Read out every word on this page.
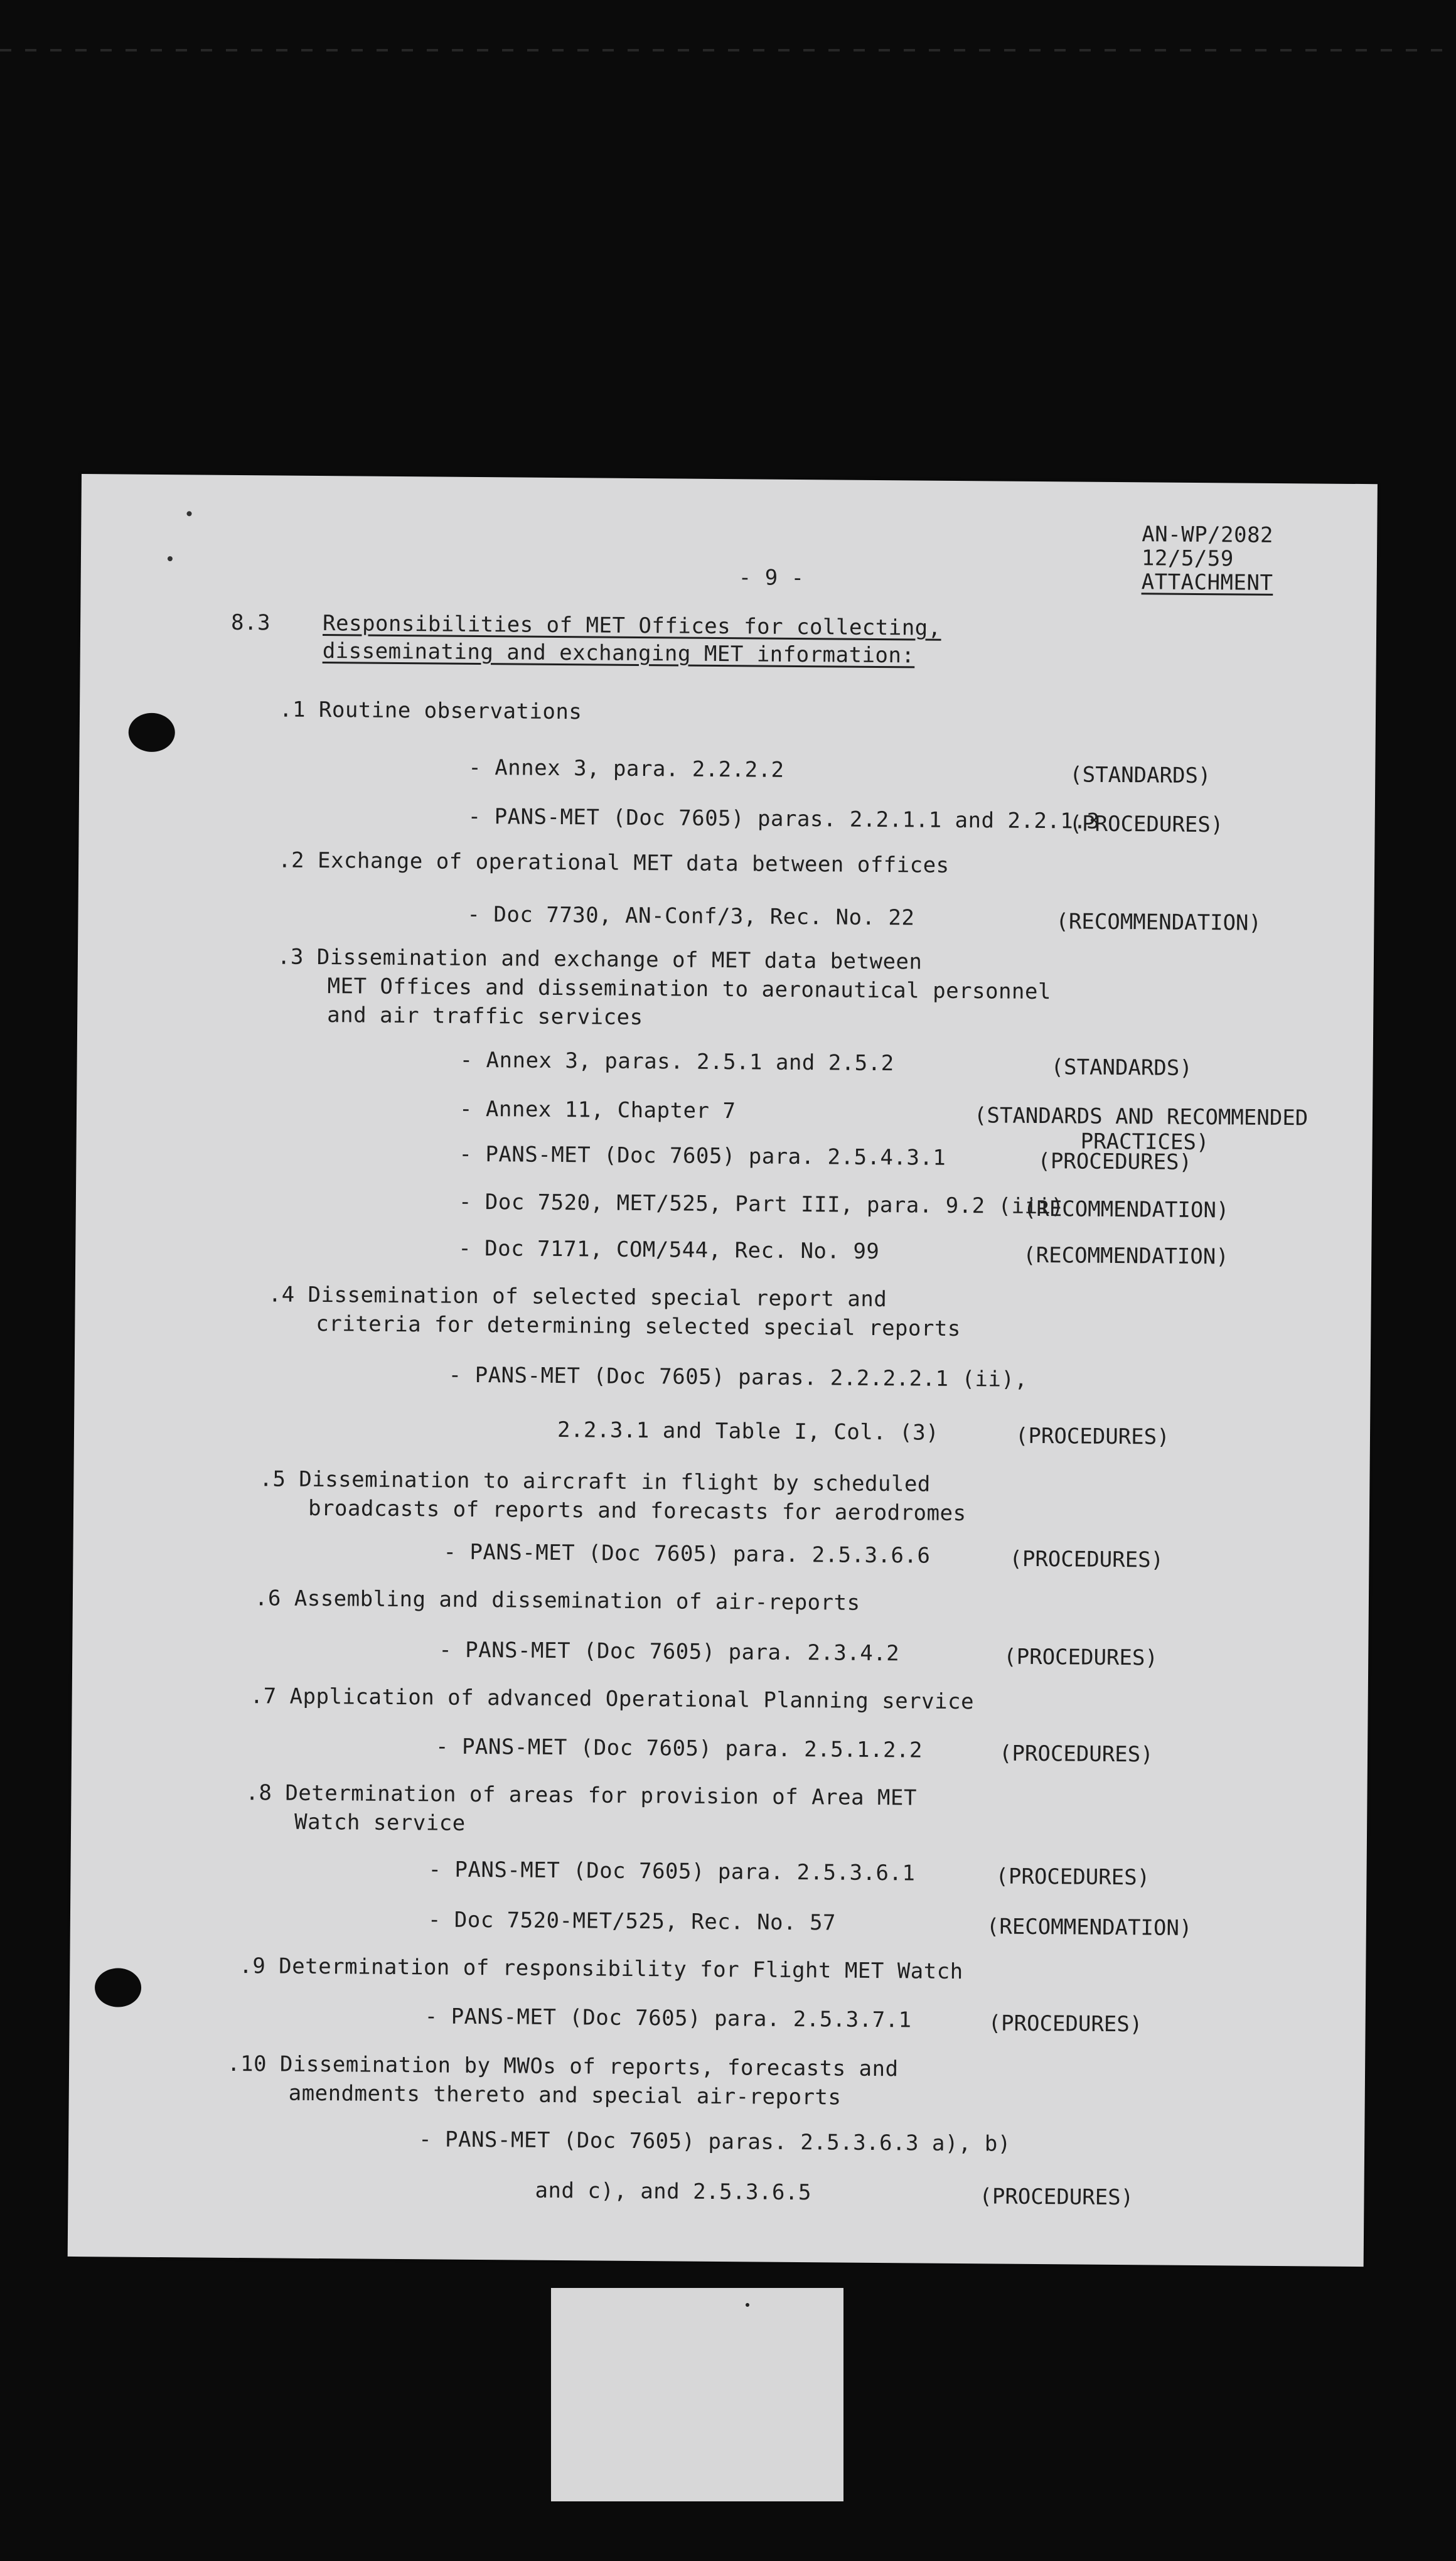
AN-WP/2082
12/5/59
ATTACHMENT
- 9 -
8.3 Responsibilities of MET Offices for collecting,
disseminating and exchanging MET information:
.1 Routine observations
- Annex 3, para. 2.2.2.2	(STANDARDS)
- PANS-MET (Doc 7605) paras. 2.2.1.1 and 2.2.1.3
(PROCEDURES)
.2 Exchange of operational MET data between offices
- Doc 7730, AN-Conf/3, Rec. No. 22	(RECOMMENDATION)
.3 Dissemination and exchange of MET data between
MET Offices and dissemination to aeronautical personnel
and air traffic services
- Annex 3, paras. 2.5.1 and 2.5.2	(STANDARDS)
- Annex 11, Chapter 7	(STANDARDS AND RECOMMENDED
PRACTICES)
- PANS-MET (Doc 7605) para. 2.5.4.3.1	(PROCEDURES)
- Doc 7520, MET/525, Part III, para. 9.2 (iii)
(RECOMMENDATION)
- Doc 7171, COM/544, Rec. No. 99	(RECOMMENDATION)
.4 Dissemination of selected special report and
criteria for determining selected special reports
- PANS-MET (Doc 7605) paras. 2.2.2.2.1 (ii),
2.2.3.1 and Table I, Col. (3)	(PROCEDURES)
.5 Dissemination to aircraft in flight by scheduled
broadcasts of reports and forecasts for aerodromes
- PANS-MET (Doc 7605) para. 2.5.3.6.6	(PROCEDURES)
.6 Assembling and dissemination of air-reports
- PANS-MET (Doc 7605) para. 2.3.4.2	(PROCEDURES)
.7 Application of advanced Operational Planning service
- PANS-MET (Doc 7605) para. 2.5.1.2.2	(PROCEDURES)
.8 Determination of areas for provision of Area MET
Watch service
- PANS-MET (Doc 7605) para. 2.5.3.6.1	(PROCEDURES)
- Doc 7520-MET/525, Rec. No. 57	(RECOMMENDATION)
.9 Determination of responsibility for Flight MET Watch
- PANS-MET (Doc 7605) para. 2.5.3.7.1	(PROCEDURES)
.10 Dissemination by MWOs of reports, forecasts and
amendments thereto and special air-reports
- PANS-MET (Doc 7605) paras. 2.5.3.6.3 a), b)
and c), and 2.5.3.6.5	(PROCEDURES)
